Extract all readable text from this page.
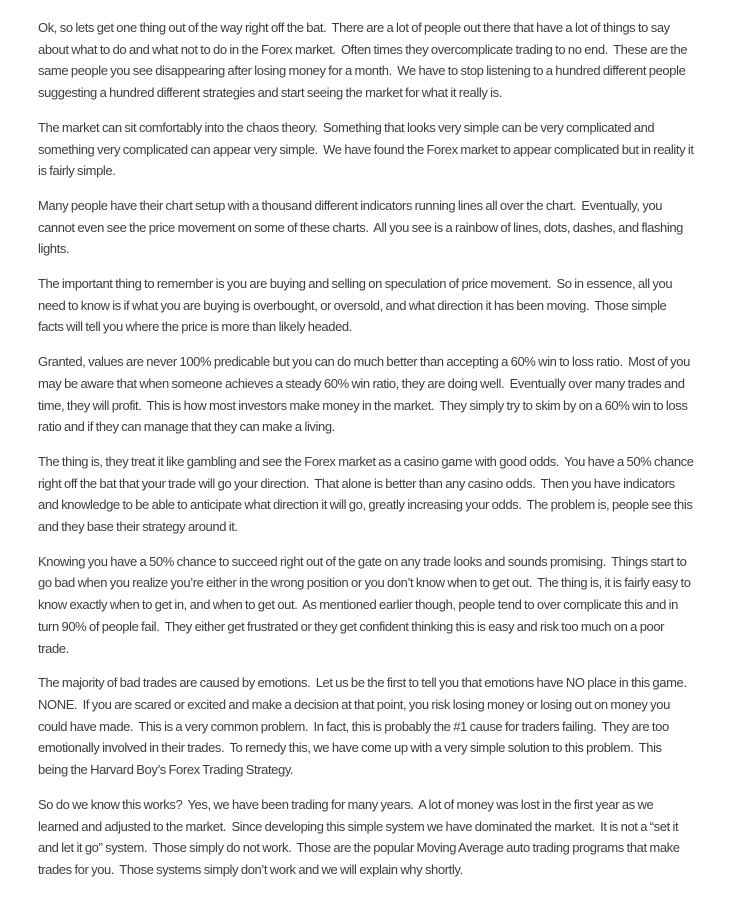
Ok, so lets get one thing out of the way right off the bat.  There are a lot of people out there that have a lot of things to say about what to do and what not to do in the Forex market.  Often times they overcomplicate trading to no end.  These are the same people you see disappearing after losing money for a month.  We have to stop listening to a hundred different people suggesting a hundred different strategies and start seeing the market for what it really is.

The market can sit comfortably into the chaos theory.  Something that looks very simple can be very complicated and something very complicated can appear very simple.  We have found the Forex market to appear complicated but in reality it is fairly simple.

Many people have their chart setup with a thousand different indicators running lines all over the chart.  Eventually, you cannot even see the price movement on some of these charts.  All you see is a rainbow of lines, dots, dashes, and flashing lights.

The important thing to remember is you are buying and selling on speculation of price movement.  So in essence, all you need to know is if what you are buying is overbought, or oversold, and what direction it has been moving.  Those simple facts will tell you where the price is more than likely headed.

Granted, values are never 100% predicable but you can do much better than accepting a 60% win to loss ratio.  Most of you may be aware that when someone achieves a steady 60% win ratio, they are doing well.  Eventually over many trades and time, they will profit.  This is how most investors make money in the market.  They simply try to skim by on a 60% win to loss ratio and if they can manage that they can make a living.

The thing is, they treat it like gambling and see the Forex market as a casino game with good odds.  You have a 50% chance right off the bat that your trade will go your direction.  That alone is better than any casino odds.  Then you have indicators and knowledge to be able to anticipate what direction it will go, greatly increasing your odds.  The problem is, people see this and they base their strategy around it.

Knowing you have a 50% chance to succeed right out of the gate on any trade looks and sounds promising.  Things start to go bad when you realize you’re either in the wrong position or you don’t know when to get out.  The thing is, it is fairly easy to know exactly when to get in, and when to get out.  As mentioned earlier though, people tend to over complicate this and in turn 90% of people fail.  They either get frustrated or they get confident thinking this is easy and risk too much on a poor trade.

The majority of bad trades are caused by emotions.  Let us be the first to tell you that emotions have NO place in this game.  NONE.  If you are scared or excited and make a decision at that point, you risk losing money or losing out on money you could have made.  This is a very common problem.  In fact, this is probably the #1 cause for traders failing.  They are too emotionally involved in their trades.  To remedy this, we have come up with a very simple solution to this problem.  This being the Harvard Boy’s Forex Trading Strategy.

So do we know this works?  Yes, we have been trading for many years.  A lot of money was lost in the first year as we learned and adjusted to the market.  Since developing this simple system we have dominated the market.  It is not a “set it and let it go” system.  Those simply do not work.  Those are the popular Moving Average auto trading programs that make trades for you.  Those systems simply don’t work and we will explain why shortly.
